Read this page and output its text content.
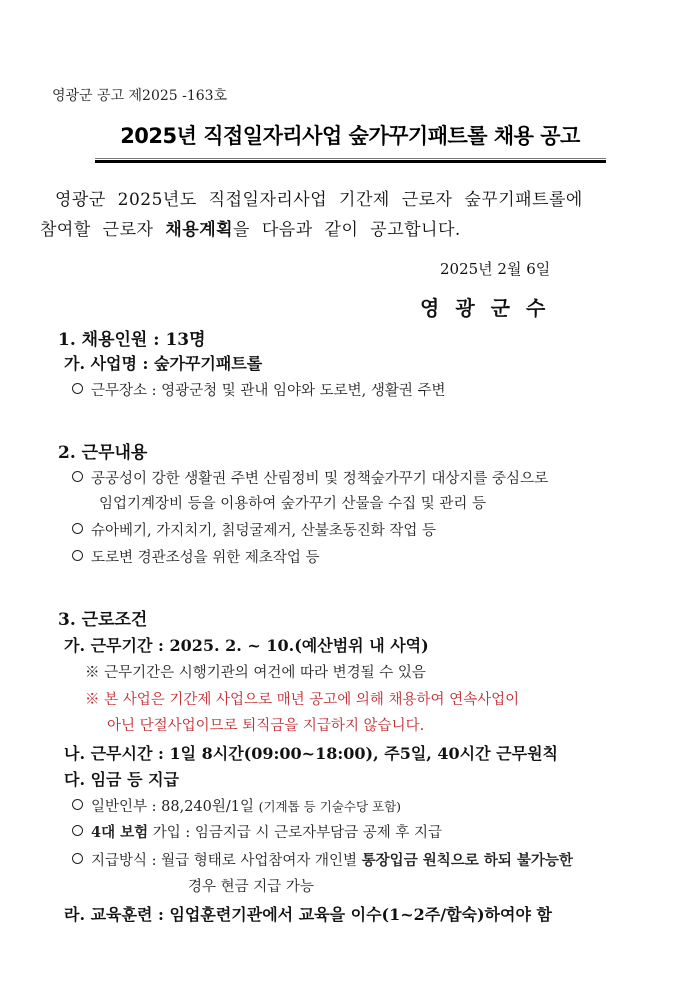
영광군 공고 제2025 -163호
2025년 직접일자리사업 숲가꾸기패트롤 채용 공고
영광군 2025년도 직접일자리사업 기간제 근로자 숲꾸기패트롤에
참여할 근로자 채용계획을 다음과 같이 공고합니다.
2025년 2월 6일
영광군수
1. 채용인원 : 13명
가. 사업명 : 숲가꾸기패트롤
근무장소 : 영광군청 및 관내 임야와 도로변, 생활권 주변
2. 근무내용
공공성이 강한 생활권 주변 산림정비 및 정책숲가꾸기 대상지를 중심으로
임업기계장비 등을 이용하여 숲가꾸기 산물을 수집 및 관리 등
슈아베기, 가지치기, 칡덩굴제거, 산불초동진화 작업 등
도로변 경관조성을 위한 제초작업 등
3. 근로조건
가. 근무기간 : 2025. 2. ~ 10.(예산범위 내 사역)
※ 근무기간은 시행기관의 여건에 따라 변경될 수 있음
※ 본 사업은 기간제 사업으로 매년 공고에 의해 채용하여 연속사업이
아닌 단절사업이므로 퇴직금을 지급하지 않습니다.
나. 근무시간 : 1일 8시간(09:00~18:00), 주5일, 40시간 근무원칙
다. 임금 등 지급
일반인부 : 88,240원/1일 (기계톱 등 기술수당 포함)
4대 보험 가입 : 임금지급 시 근로자부담금 공제 후 지급
지급방식 : 월급 형태로 사업참여자 개인별 통장입금 원칙으로 하되 불가능한
경우 현금 지급 가능
라. 교육훈련 : 임업훈련기관에서 교육을 이수(1~2주/합숙)하여야 함
